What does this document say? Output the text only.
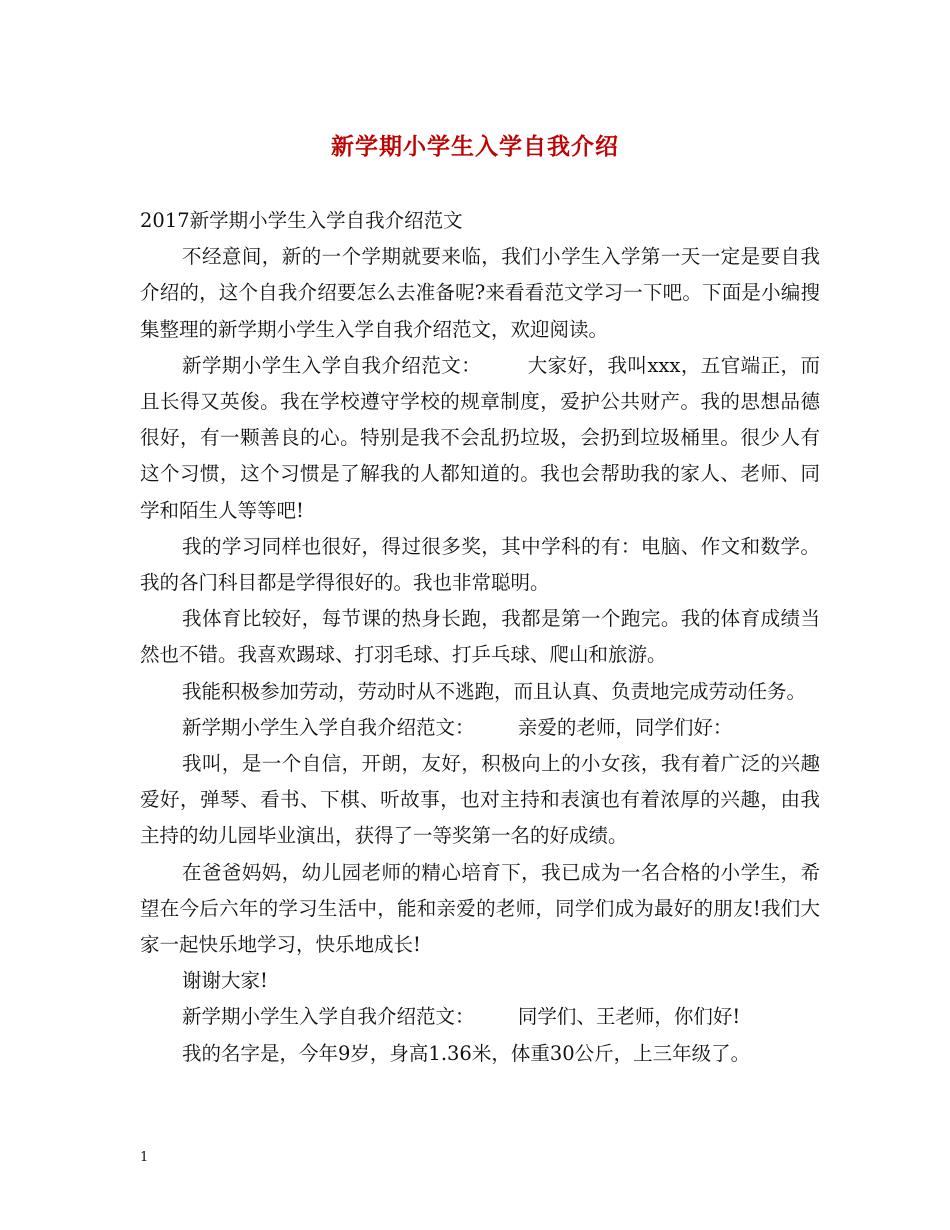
新学期小学生入学自我介绍

2017新学期小学生入学自我介绍范文

不经意间，新的一个学期就要来临，我们小学生入学第一天一定是要自我介绍的，这个自我介绍要怎么去准备呢?来看看范文学习一下吧。下面是小编搜集整理的新学期小学生入学自我介绍范文，欢迎阅读。

新学期小学生入学自我介绍范文：       大家好，我叫xxx，五官端正，而且长得又英俊。我在学校遵守学校的规章制度，爱护公共财产。我的思想品德很好，有一颗善良的心。特别是我不会乱扔垃圾，会扔到垃圾桶里。很少人有这个习惯，这个习惯是了解我的人都知道的。我也会帮助我的家人、老师、同学和陌生人等等吧!

我的学习同样也很好，得过很多奖，其中学科的有：电脑、作文和数学。我的各门科目都是学得很好的。我也非常聪明。

我体育比较好，每节课的热身长跑，我都是第一个跑完。我的体育成绩当然也不错。我喜欢踢球、打羽毛球、打乒乓球、爬山和旅游。

我能积极参加劳动，劳动时从不逃跑，而且认真、负责地完成劳动任务。

新学期小学生入学自我介绍范文：       亲爱的老师，同学们好：

我叫，是一个自信，开朗，友好，积极向上的小女孩，我有着广泛的兴趣爱好，弹琴、看书、下棋、听故事，也对主持和表演也有着浓厚的兴趣，由我主持的幼儿园毕业演出，获得了一等奖第一名的好成绩。

在爸爸妈妈，幼儿园老师的精心培育下，我已成为一名合格的小学生，希望在今后六年的学习生活中，能和亲爱的老师，同学们成为最好的朋友!我们大家一起快乐地学习，快乐地成长!

谢谢大家!

新学期小学生入学自我介绍范文：       同学们、王老师，你们好!

我的名字是，今年9岁，身高1.36米，体重30公斤，上三年级了。

1
